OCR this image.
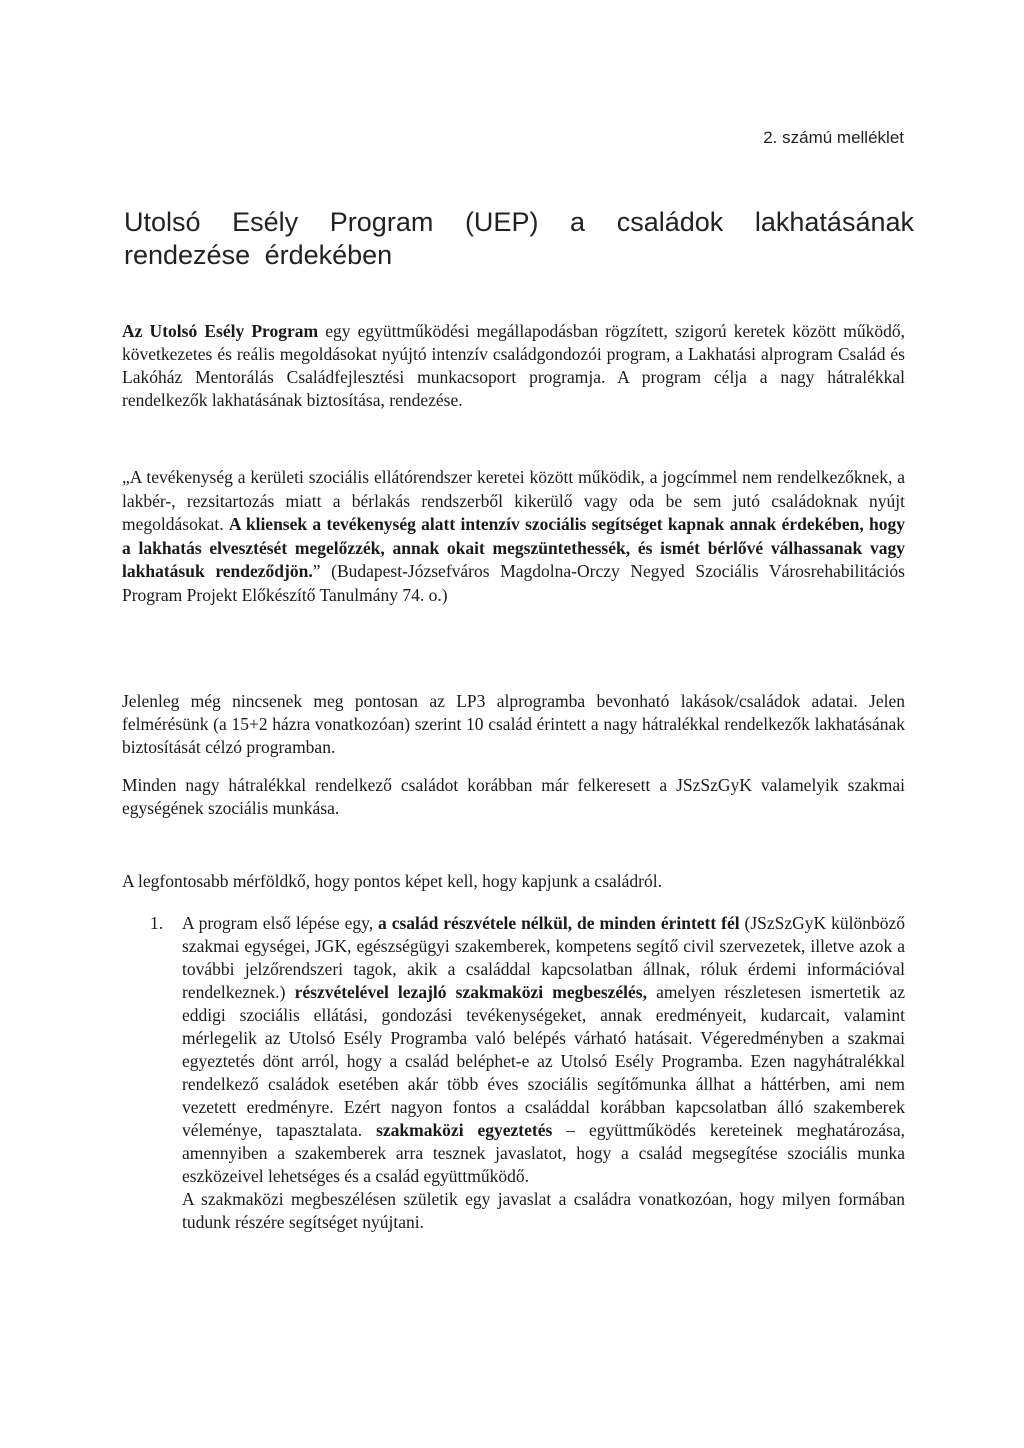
2. számú melléklet
Utolsó Esély Program (UEP) a családok lakhatásának rendezése érdekében

Az Utolsó Esély Program egy együttműködési megállapodásban rögzített, szigorú keretek között működő, következetes és reális megoldásokat nyújtó intenzív családgondozói program, a Lakhatási alprogram Család és Lakóház Mentorálás Családfejlesztési munkacsoport programja. A program célja a nagy hátralékkal rendelkezők lakhatásának biztosítása, rendezése.

„A tevékenység a kerületi szociális ellátórendszer keretei között működik, a jogcímmel nem rendelkezőknek, a lakbér-, rezsitartozás miatt a bérlakás rendszerből kikerülő vagy oda be sem jutó családoknak nyújt megoldásokat. A kliensek a tevékenység alatt intenzív szociális segítséget kapnak annak érdekében, hogy a lakhatás elvesztését megelőzzék, annak okait megszüntethessék, és ismét bérlővé válhassanak vagy lakhatásuk rendeződjön.” (Budapest-Józsefváros Magdolna-Orczy Negyed Szociális Városrehabilitációs Program Projekt Előkészítő Tanulmány 74. o.)

Jelenleg még nincsenek meg pontosan az LP3 alprogramba bevonható lakások/családok adatai. Jelen felmérésünk (a 15+2 házra vonatkozóan) szerint 10 család érintett a nagy hátralékkal rendelkezők lakhatásának biztosítását célzó programban.

Minden nagy hátralékkal rendelkező családot korábban már felkeresett a JSzSzGyK valamelyik szakmai egységének szociális munkása.

A legfontosabb mérföldkő, hogy pontos képet kell, hogy kapjunk a családról.

1. A program első lépése egy, a család részvétele nélkül, de minden érintett fél (JSzSzGyK különböző szakmai egységei, JGK, egészségügyi szakemberek, kompetens segítő civil szervezetek, illetve azok a további jelzőrendszeri tagok, akik a családdal kapcsolatban állnak, róluk érdemi információval rendelkeznek.) részvételével lezajló szakmaközi megbeszélés, amelyen részletesen ismertetik az eddigi szociális ellátási, gondozási tevékenységeket, annak eredményeit, kudarcait, valamint mérlegelik az Utolsó Esély Programba való belépés várható hatásait. Végeredményben a szakmai egyeztetés dönt arról, hogy a család beléphet-e az Utolsó Esély Programba. Ezen nagyhátralékkal rendelkező családok esetében akár több éves szociális segítőmunka állhat a háttérben, ami nem vezetett eredményre. Ezért nagyon fontos a családdal korábban kapcsolatban álló szakemberek véleménye, tapasztalata. szakmaközi egyeztetés – együttműködés kereteinek meghatározása, amennyiben a szakemberek arra tesznek javaslatot, hogy a család megsegítése szociális munka eszközeivel lehetséges és a család együttműködő.

A szakmaközi megbeszélésen születik egy javaslat a családra vonatkozóan, hogy milyen formában tudunk részére segítséget nyújtani.
